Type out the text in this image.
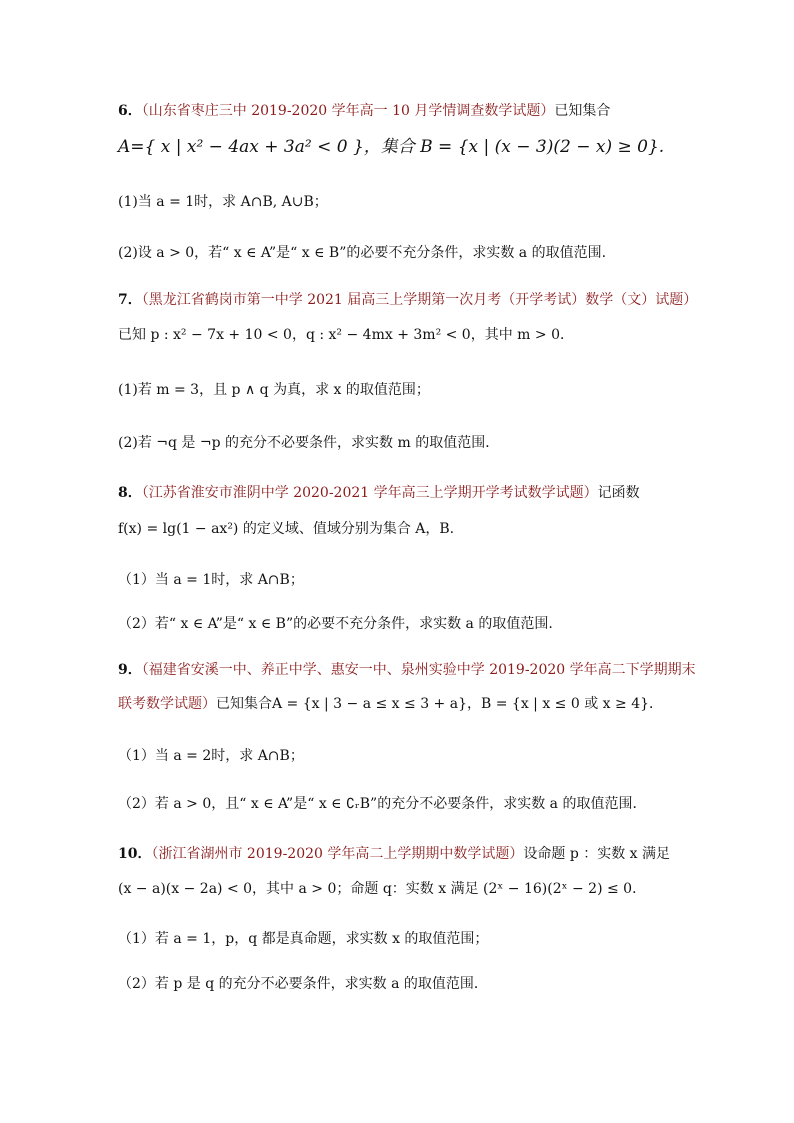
6．（山东省枣庄三中 2019-2020 学年高一 10 月学情调查数学试题）已知集合
A={ x | x² − 4ax + 3a² < 0 }，集合 B = {x | (x − 3)(2 − x) ≥ 0}.
(1)当 a = 1时，求 A∩B, A∪B；
(2)设 a > 0，若“ x ∈ A”是“ x ∈ B”的必要不充分条件，求实数 a 的取值范围.
7．（黑龙江省鹤岗市第一中学 2021 届高三上学期第一次月考（开学考试）数学（文）试题）
已知 p : x² − 7x + 10 < 0，q : x² − 4mx + 3m² < 0，其中 m > 0．
(1)若 m = 3，且 p ∧ q 为真，求 x 的取值范围；
(2)若 ¬q 是 ¬p 的充分不必要条件，求实数 m 的取值范围．
8．（江苏省淮安市淮阴中学 2020-2021 学年高三上学期开学考试数学试题）记函数
f(x) = lg(1 − ax²) 的定义域、值域分别为集合 A，B.
（1）当 a = 1时，求 A∩B；
（2）若“ x ∈ A”是“ x ∈ B”的必要不充分条件，求实数 a 的取值范围.
9．（福建省安溪一中、养正中学、惠安一中、泉州实验中学 2019-2020 学年高二下学期期末
联考数学试题）已知集合A = {x | 3 − a ≤ x ≤ 3 + a}，B = {x | x ≤ 0 或 x ≥ 4}．
（1）当 a = 2时，求 A∩B；
（2）若 a > 0，且“ x ∈ A”是“ x ∈ ∁ᵣB”的充分不必要条件，求实数 a 的取值范围．
10．（浙江省湖州市 2019-2020 学年高二上学期期中数学试题）设命题 p ：实数 x 满足
(x − a)(x − 2a) < 0，其中 a > 0；命题 q：实数 x 满足 (2ˣ − 16)(2ˣ − 2) ≤ 0．
（1）若 a = 1，p，q 都是真命题，求实数 x 的取值范围；
（2）若 p 是 q 的充分不必要条件，求实数 a 的取值范围．
